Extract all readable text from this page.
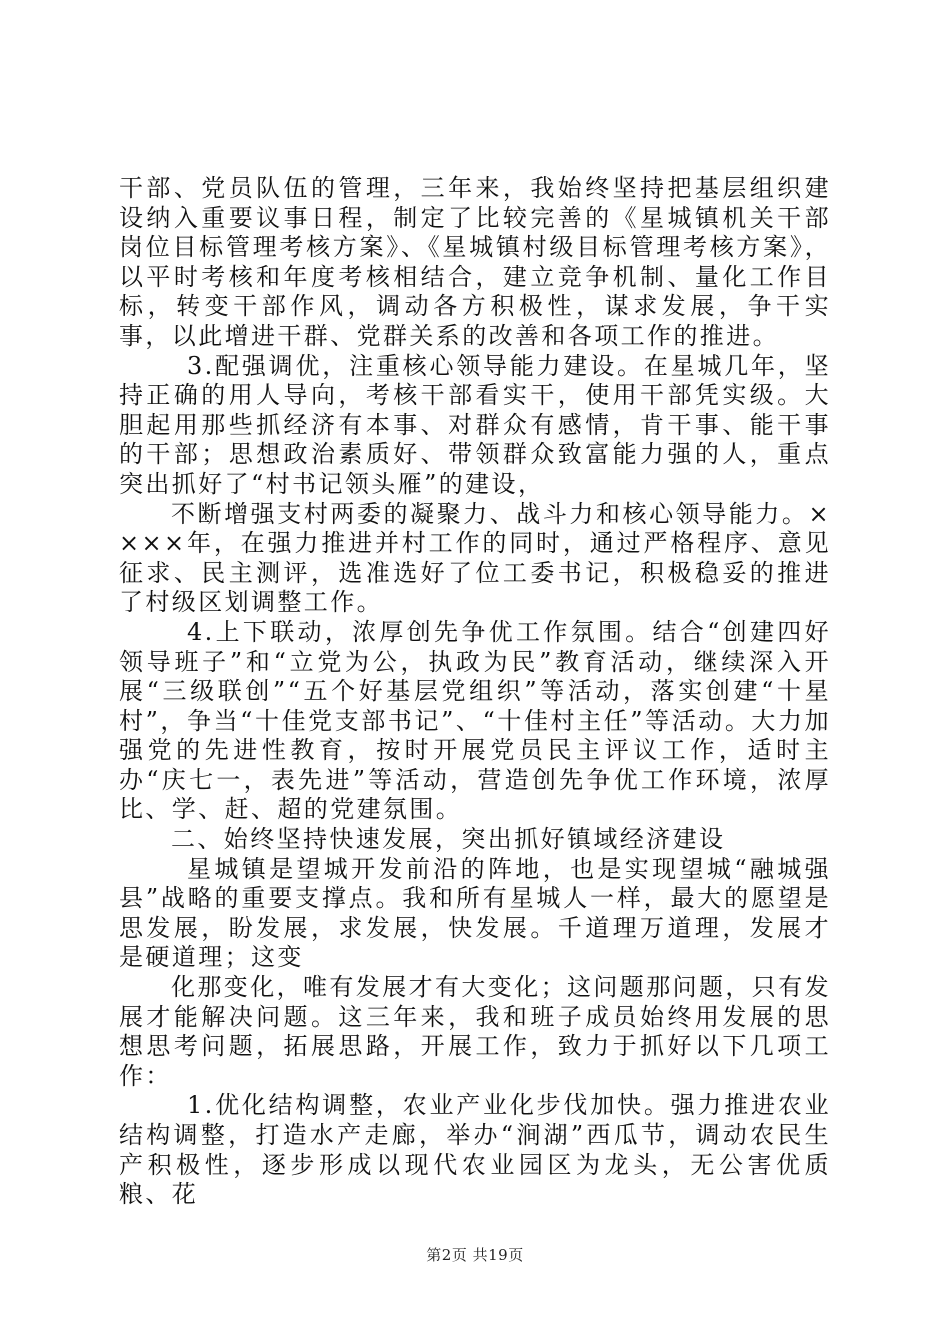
干部、党员队伍的管理，三年来，我始终坚持把基层组织建设纳入重要议事日程，制定了比较完善的《星城镇机关干部岗位目标管理考核方案》、《星城镇村级目标管理考核方案》，以平时考核和年度考核相结合，建立竞争机制、量化工作目标，转变干部作风，调动各方积极性，谋求发展，争干实事，以此增进干群、党群关系的改善和各项工作的推进。

3.配强调优，注重核心领导能力建设。在星城几年，坚持正确的用人导向，考核干部看实干，使用干部凭实级。大胆起用那些抓经济有本事、对群众有感情，肯干事、能干事的干部；思想政治素质好、带领群众致富能力强的人，重点突出抓好了“村书记领头雁”的建设，

不断增强支村两委的凝聚力、战斗力和核心领导能力。××××年，在强力推进并村工作的同时，通过严格程序、意见征求、民主测评，选准选好了位工委书记，积极稳妥的推进了村级区划调整工作。

4.上下联动，浓厚创先争优工作氛围。结合“创建四好领导班子”和“立党为公，执政为民”教育活动，继续深入开展“三级联创”“五个好基层党组织”等活动，落实创建“十星村”，争当“十佳党支部书记”、“十佳村主任”等活动。大力加强党的先进性教育，按时开展党员民主评议工作，适时主办“庆七一，表先进”等活动，营造创先争优工作环境，浓厚比、学、赶、超的党建氛围。

二、始终坚持快速发展，突出抓好镇域经济建设

星城镇是望城开发前沿的阵地，也是实现望城“融城强县”战略的重要支撑点。我和所有星城人一样，最大的愿望是思发展，盼发展，求发展，快发展。千道理万道理，发展才是硬道理；这变

化那变化，唯有发展才有大变化；这问题那问题，只有发展才能解决问题。这三年来，我和班子成员始终用发展的思想思考问题，拓展思路，开展工作，致力于抓好以下几项工作：

1.优化结构调整，农业产业化步伐加快。强力推进农业结构调整，打造水产走廊，举办“涧湖”西瓜节，调动农民生产积极性，逐步形成以现代农业园区为龙头，无公害优质粮、花

第2页 共19页
